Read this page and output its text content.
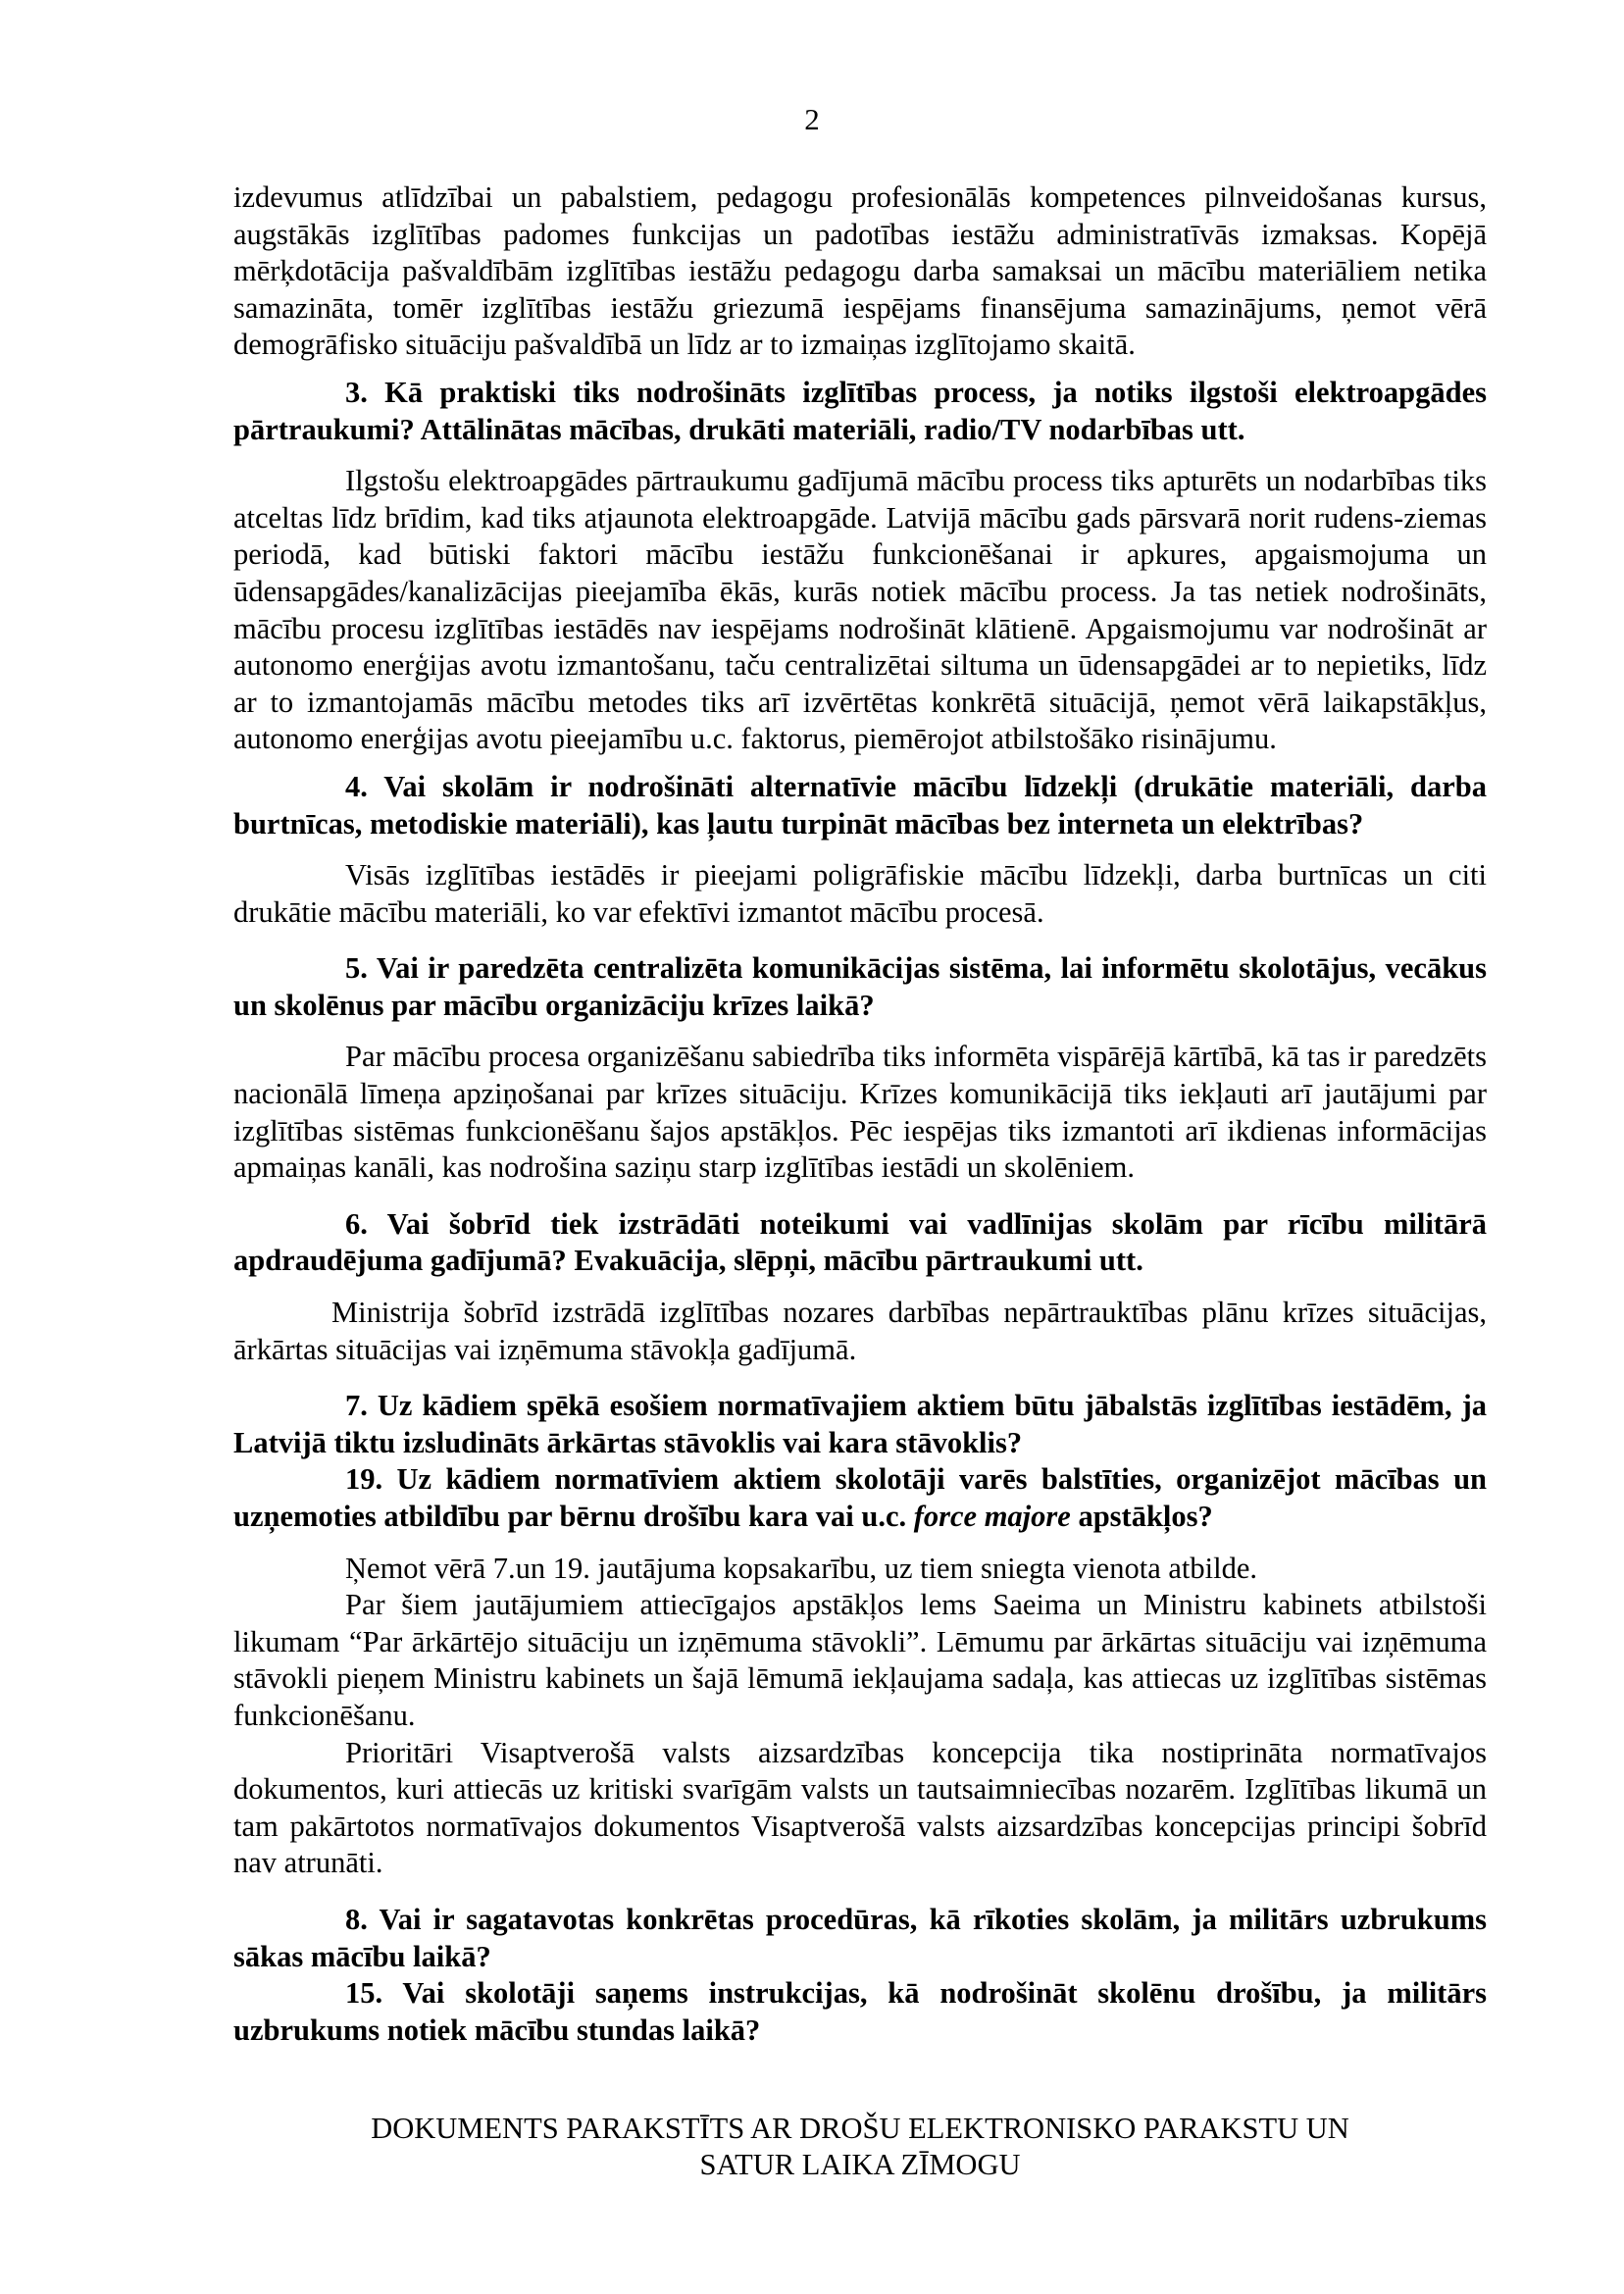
2

izdevumus atlīdzībai un pabalstiem, pedagogu profesionālās kompetences pilnveidošanas kursus, augstākās izglītības padomes funkcijas un padotības iestāžu administratīvās izmaksas. Kopējā mērķdotācija pašvaldībām izglītības iestāžu pedagogu darba samaksai un mācību materiāliem netika samazināta, tomēr izglītības iestāžu griezumā iespējams finansējuma samazinājums, ņemot vērā demogrāfisko situāciju pašvaldībā un līdz ar to izmaiņas izglītojamo skaitā.

3. Kā praktiski tiks nodrošināts izglītības process, ja notiks ilgstoši elektroapgādes pārtraukumi? Attālinātas mācības, drukāti materiāli, radio/TV nodarbības utt.

Ilgstošu elektroapgādes pārtraukumu gadījumā mācību process tiks apturēts un nodarbības tiks atceltas līdz brīdim, kad tiks atjaunota elektroapgāde. Latvijā mācību gads pārsvarā norit rudens-ziemas periodā, kad būtiski faktori mācību iestāžu funkcionēšanai ir apkures, apgaismojuma un ūdensapgādes/kanalizācijas pieejamība ēkās, kurās notiek mācību process. Ja tas netiek nodrošināts, mācību procesu izglītības iestādēs nav iespējams nodrošināt klātienē. Apgaismojumu var nodrošināt ar autonomo enerģijas avotu izmantošanu, taču centralizētai siltuma un ūdensapgādei ar to nepietiks, līdz ar to izmantojamās mācību metodes tiks arī izvērtētas konkrētā situācijā, ņemot vērā laikapstākļus, autonomo enerģijas avotu pieejamību u.c. faktorus, piemērojot atbilstošāko risinājumu.

4. Vai skolām ir nodrošināti alternatīvie mācību līdzekļi (drukātie materiāli, darba burtnīcas, metodiskie materiāli), kas ļautu turpināt mācības bez interneta un elektrības?

Visās izglītības iestādēs ir pieejami poligrāfiskie mācību līdzekļi, darba burtnīcas un citi drukātie mācību materiāli, ko var efektīvi izmantot mācību procesā.

5. Vai ir paredzēta centralizēta komunikācijas sistēma, lai informētu skolotājus, vecākus un skolēnus par mācību organizāciju krīzes laikā?

Par mācību procesa organizēšanu sabiedrība tiks informēta vispārējā kārtībā, kā tas ir paredzēts nacionālā līmeņa apziņošanai par krīzes situāciju. Krīzes komunikācijā tiks iekļauti arī jautājumi par izglītības sistēmas funkcionēšanu šajos apstākļos. Pēc iespējas tiks izmantoti arī ikdienas informācijas apmaiņas kanāli, kas nodrošina saziņu starp izglītības iestādi un skolēniem.

6. Vai šobrīd tiek izstrādāti noteikumi vai vadlīnijas skolām par rīcību militārā apdraudējuma gadījumā? Evakuācija, slēpņi, mācību pārtraukumi utt.

Ministrija šobrīd izstrādā izglītības nozares darbības nepārtrauktības plānu krīzes situācijas, ārkārtas situācijas vai izņēmuma stāvokļa gadījumā.

7. Uz kādiem spēkā esošiem normatīvajiem aktiem būtu jābalstās izglītības iestādēm, ja Latvijā tiktu izsludināts ārkārtas stāvoklis vai kara stāvoklis?

19. Uz kādiem normatīviem aktiem skolotāji varēs balstīties, organizējot mācības un uzņemoties atbildību par bērnu drošību kara vai u.c. force majore apstākļos?

Ņemot vērā 7.un 19. jautājuma kopsakarību, uz tiem sniegta vienota atbilde.

Par šiem jautājumiem attiecīgajos apstākļos lems Saeima un Ministru kabinets atbilstoši likumam “Par ārkārtējo situāciju un izņēmuma stāvokli”. Lēmumu par ārkārtas situāciju vai izņēmuma stāvokli pieņem Ministru kabinets un šajā lēmumā iekļaujama sadaļa, kas attiecas uz izglītības sistēmas funkcionēšanu.

Prioritāri Visaptverošā valsts aizsardzības koncepcija tika nostiprināta normatīvajos dokumentos, kuri attiecās uz kritiski svarīgām valsts un tautsaimniecības nozarēm. Izglītības likumā un tam pakārtotos normatīvajos dokumentos Visaptverošā valsts aizsardzības koncepcijas principi šobrīd nav atrunāti.

8. Vai ir sagatavotas konkrētas procedūras, kā rīkoties skolām, ja militārs uzbrukums sākas mācību laikā?

15. Vai skolotāji saņems instrukcijas, kā nodrošināt skolēnu drošību, ja militārs uzbrukums notiek mācību stundas laikā?

DOKUMENTS PARAKSTĪTS AR DROŠU ELEKTRONISKO PARAKSTU UN
SATUR LAIKA ZĪMOGU
